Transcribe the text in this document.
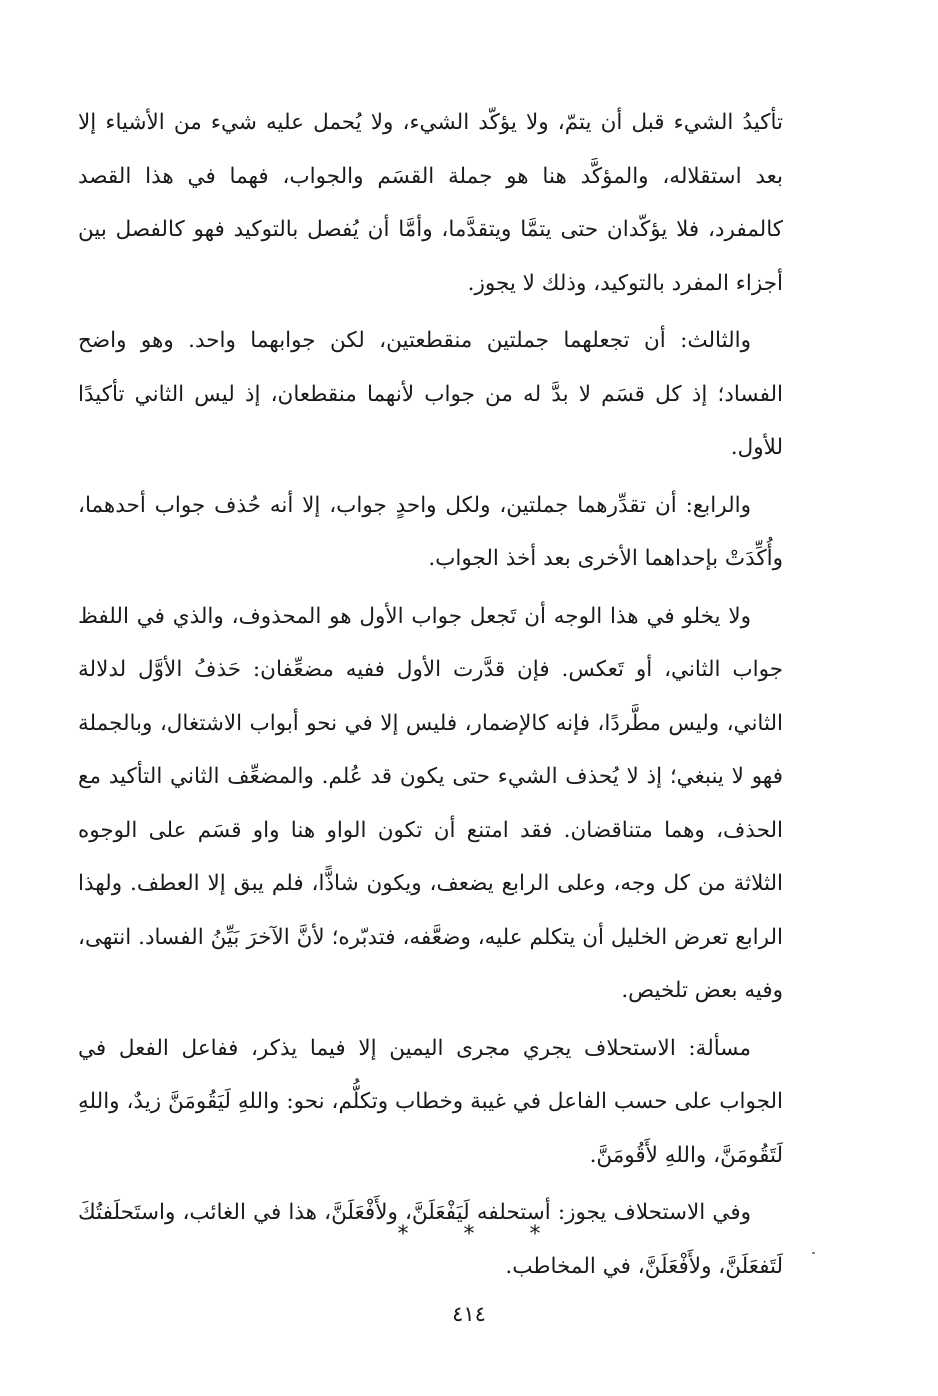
تأكيدُ الشيء قبل أن يتمّ، ولا يؤكّد الشيء، ولا يُحمل عليه شيء من الأشياء إلا بعد استقلاله، والمؤكَّد هنا هو جملة القسَم والجواب، فهما في هذا القصد كالمفرد، فلا يؤكّدان حتى يتمَّا ويتقدَّما، وأمَّا أن يُفصل بالتوكيد فهو كالفصل بين أجزاء المفرد بالتوكيد، وذلك لا يجوز.

والثالث: أن تجعلهما جملتين منقطعتين، لكن جوابهما واحد. وهو واضح الفساد؛ إذ كل قسَم لا بدَّ له من جواب لأنهما منقطعان، إذ ليس الثاني تأكيدًا للأول.

والرابع: أن تقدِّرهما جملتين، ولكل واحدٍ جواب، إلا أنه حُذف جواب أحدهما، وأُكِّدَتْ بإحداهما الأخرى بعد أخذ الجواب.

ولا يخلو في هذا الوجه أن تَجعل جواب الأول هو المحذوف، والذي في اللفظ جواب الثاني، أو تَعكس. فإن قدَّرت الأول ففيه مضعِّفان: حَذفُ الأوَّل لدلالة الثاني، وليس مطَّردًا، فإنه كالإضمار، فليس إلا في نحو أبواب الاشتغال، وبالجملة فهو لا ينبغي؛ إذ لا يُحذف الشيء حتى يكون قد عُلم. والمضعِّف الثاني التأكيد مع الحذف، وهما متناقضان. فقد امتنع أن تكون الواو هنا واو قسَم على الوجوه الثلاثة من كل وجه، وعلى الرابع يضعف، ويكون شاذًّا، فلم يبق إلا العطف. ولهذا الرابع تعرض الخليل أن يتكلم عليه، وضعَّفه، فتدبّره؛ لأنَّ الآخرَ بَيِّنُ الفساد. انتهى، وفيه بعض تلخيص.

مسألة: الاستحلاف يجري مجرى اليمين إلا فيما يذكر، ففاعل الفعل في الجواب على حسب الفاعل في غيبة وخطاب وتكلُّم، نحو: واللهِ لَيَقُومَنَّ زيدٌ، واللهِ لَتَقُومَنَّ، واللهِ لأَقُومَنَّ.

وفي الاستحلاف يجوز: أستحلفه لَيَفْعَلَنَّ، ولأَفْعَلَنَّ، هذا في الغائب، واستَحلَفتُكَ لَتَفعَلَنَّ، ولأَفْعَلَنَّ، في المخاطب.

* * *
٤١٤
